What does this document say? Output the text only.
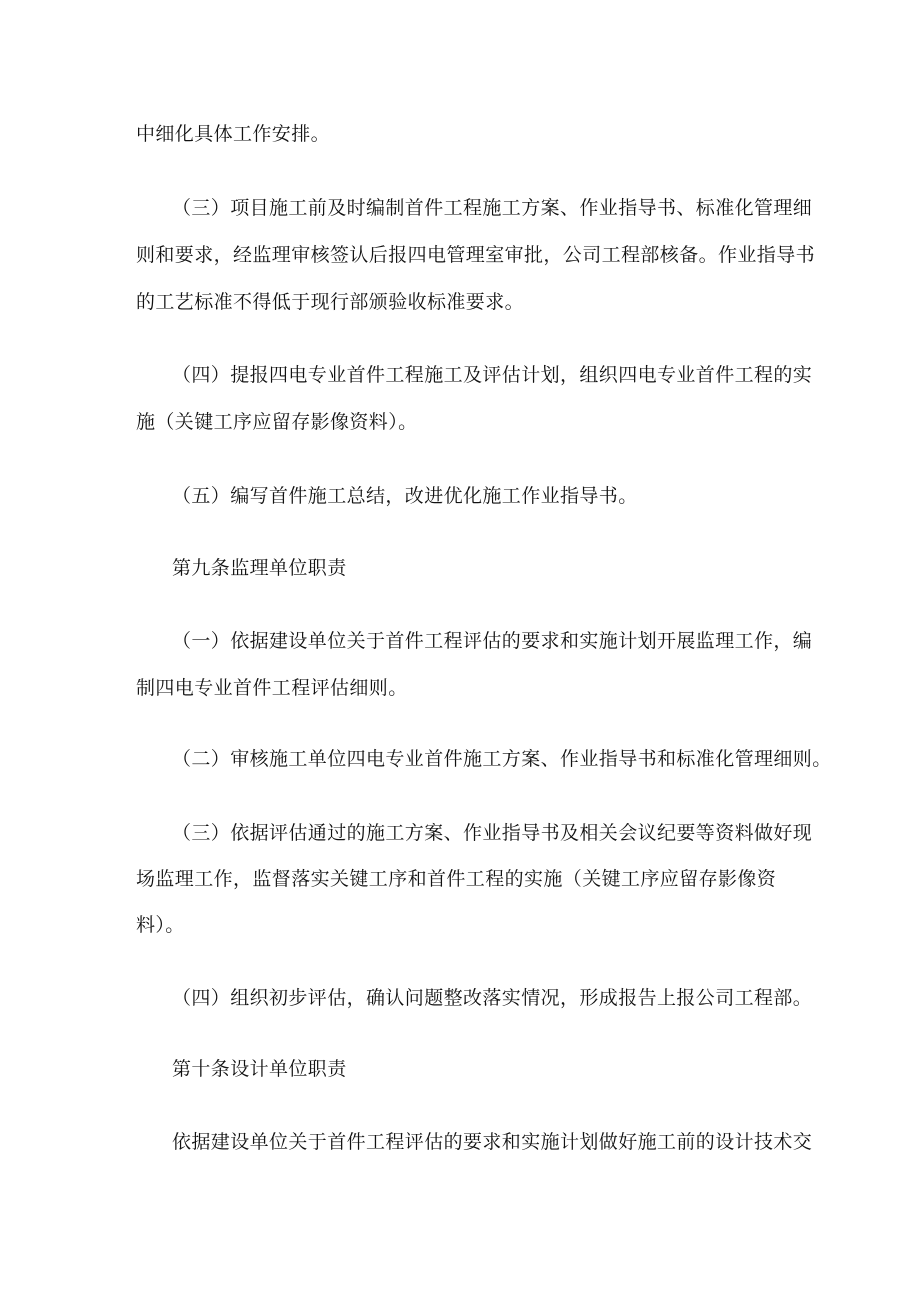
中细化具体工作安排。
（三）项目施工前及时编制首件工程施工方案、作业指导书、标准化管理细
则和要求，经监理审核签认后报四电管理室审批，公司工程部核备。作业指导书
的工艺标准不得低于现行部颁验收标准要求。
（四）提报四电专业首件工程施工及评估计划，组织四电专业首件工程的实
施（关键工序应留存影像资料）。
（五）编写首件施工总结，改进优化施工作业指导书。
第九条监理单位职责
（一）依据建设单位关于首件工程评估的要求和实施计划开展监理工作，编
制四电专业首件工程评估细则。
（二）审核施工单位四电专业首件施工方案、作业指导书和标准化管理细则。
（三）依据评估通过的施工方案、作业指导书及相关会议纪要等资料做好现
场监理工作，监督落实关键工序和首件工程的实施（关键工序应留存影像资
料）。
（四）组织初步评估，确认问题整改落实情况，形成报告上报公司工程部。
第十条设计单位职责
依据建设单位关于首件工程评估的要求和实施计划做好施工前的设计技术交
